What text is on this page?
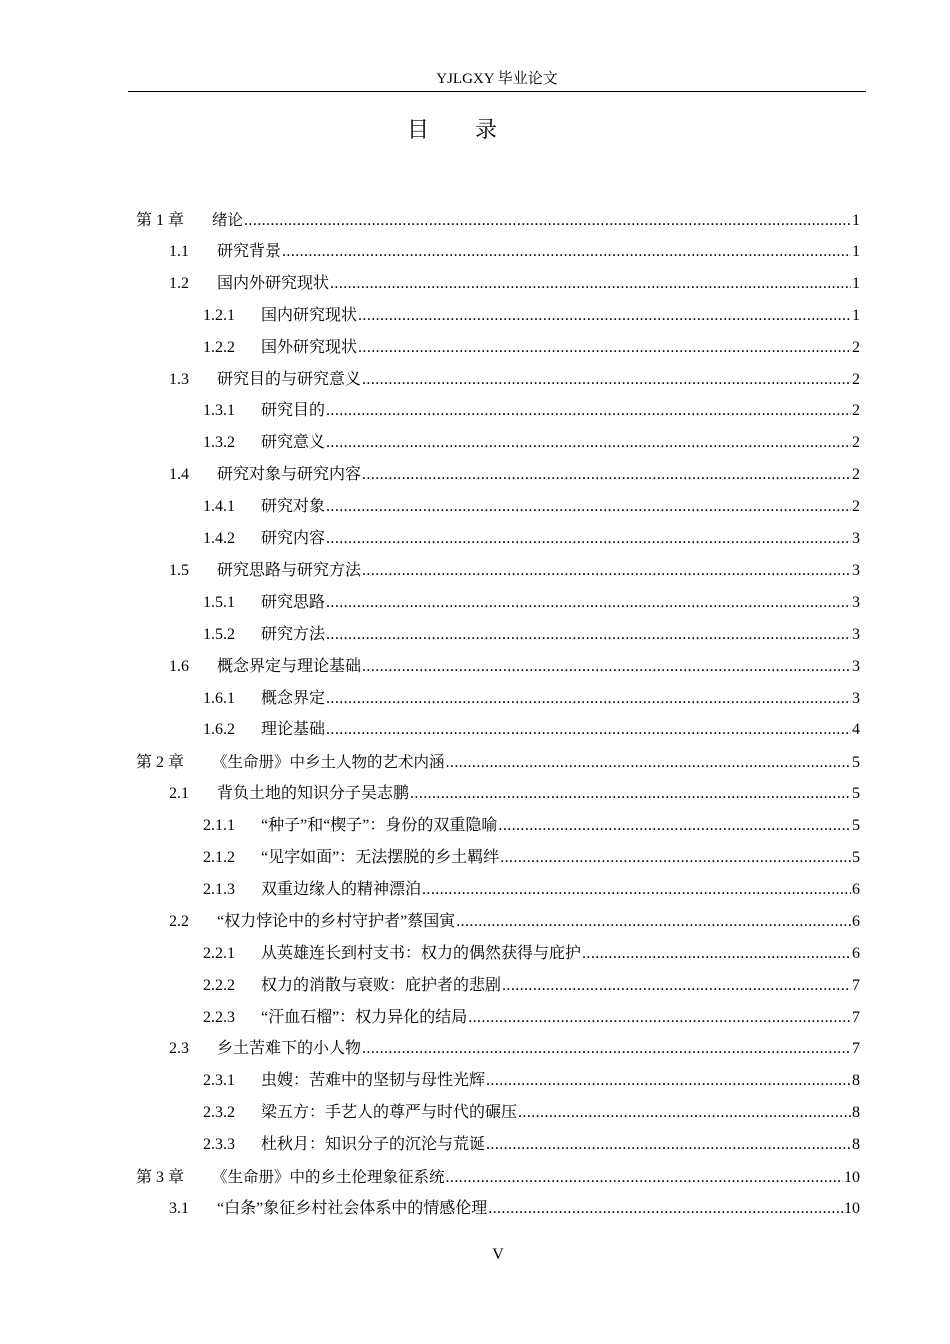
YJLGXY 毕业论文
目录
第 1 章	绪论 .....	1
1.1	研究背景 .....	1
1.2	国内外研究现状 .....	1
1.2.1	国内研究现状 .....	1
1.2.2	国外研究现状 .....	2
1.3	研究目的与研究意义 .....	2
1.3.1	研究目的 .....	2
1.3.2	研究意义 .....	2
1.4	研究对象与研究内容 .....	2
1.4.1	研究对象 .....	2
1.4.2	研究内容 .....	3
1.5	研究思路与研究方法 .....	3
1.5.1	研究思路 .....	3
1.5.2	研究方法 .....	3
1.6	概念界定与理论基础 .....	3
1.6.1	概念界定 .....	3
1.6.2	理论基础 .....	4
第 2 章	《生命册》中乡土人物的艺术内涵 .....	5
2.1	背负土地的知识分子吴志鹏 .....	5
2.1.1	“种子”和“楔子”：身份的双重隐喻 .....	5
2.1.2	“见字如面”：无法摆脱的乡土羁绊 .....	5
2.1.3	双重边缘人的精神漂泊 .....	6
2.2	“权力悖论中的乡村守护者”蔡国寅 .....	6
2.2.1	从英雄连长到村支书：权力的偶然获得与庇护 .....	6
2.2.2	权力的消散与衰败：庇护者的悲剧 .....	7
2.2.3	“汗血石榴”：权力异化的结局 .....	7
2.3	乡土苦难下的小人物 .....	7
2.3.1	虫嫂：苦难中的坚韧与母性光辉 .....	8
2.3.2	梁五方：手艺人的尊严与时代的碾压 .....	8
2.3.3	杜秋月：知识分子的沉沦与荒诞 .....	8
第 3 章	《生命册》中的乡土伦理象征系统 .....	10
3.1	“白条”象征乡村社会体系中的情感伦理 .....	10
V
